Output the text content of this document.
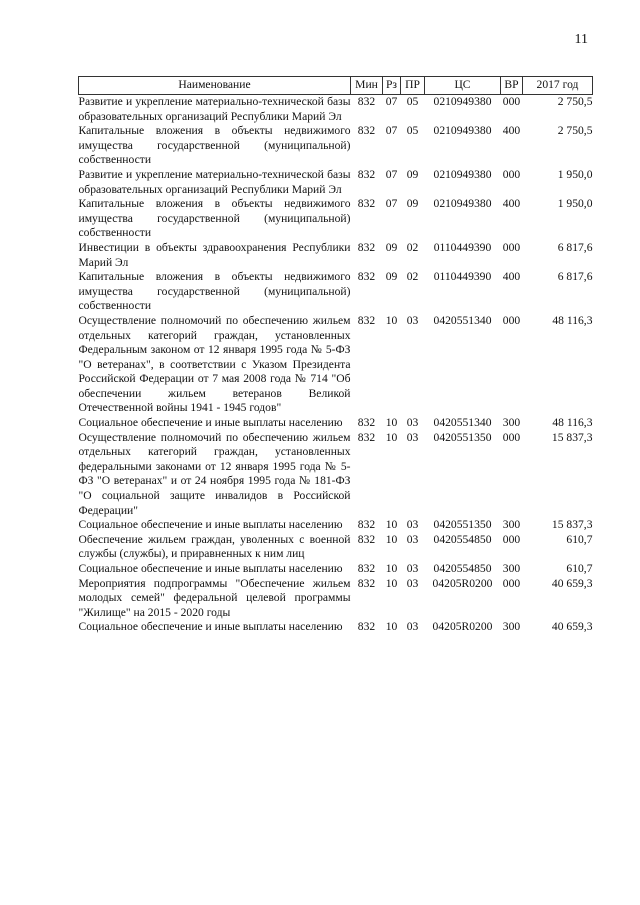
11
Наименование	Мин	Рз	ПР	ЦС	ВР	2017 год
Развитие и укрепление материально-технической базы образовательных организаций Республики Марий Эл	832	07	05	0210949380	000	2 750,5
Капитальные вложения в объекты недвижимого имущества государственной (муниципальной) собственности	832	07	05	0210949380	400	2 750,5
Развитие и укрепление материально-технической базы образовательных организаций Республики Марий Эл	832	07	09	0210949380	000	1 950,0
Капитальные вложения в объекты недвижимого имущества государственной (муниципальной) собственности	832	07	09	0210949380	400	1 950,0
Инвестиции в объекты здравоохранения Республики Марий Эл	832	09	02	0110449390	000	6 817,6
Капитальные вложения в объекты недвижимого имущества государственной (муниципальной) собственности	832	09	02	0110449390	400	6 817,6
Осуществление полномочий по обеспечению жильем отдельных категорий граждан, установленных Федеральным законом от 12 января 1995 года № 5-ФЗ "О ветеранах", в соответствии с Указом Президента Российской Федерации от 7 мая 2008 года № 714 "Об обеспечении жильем ветеранов Великой Отечественной войны 1941 - 1945 годов"	832	10	03	0420551340	000	48 116,3
Социальное обеспечение и иные выплаты населению	832	10	03	0420551340	300	48 116,3
Осуществление полномочий по обеспечению жильем отдельных категорий граждан, установленных федеральными законами от 12 января 1995 года № 5-ФЗ "О ветеранах" и от 24 ноября 1995 года № 181-ФЗ "О социальной защите инвалидов в Российской Федерации"	832	10	03	0420551350	000	15 837,3
Социальное обеспечение и иные выплаты населению	832	10	03	0420551350	300	15 837,3
Обеспечение жильем граждан, уволенных с военной службы (службы), и приравненных к ним лиц	832	10	03	0420554850	000	610,7
Социальное обеспечение и иные выплаты населению	832	10	03	0420554850	300	610,7
Мероприятия подпрограммы "Обеспечение жильем молодых семей" федеральной целевой программы "Жилище" на 2015 - 2020 годы	832	10	03	04205R0200	000	40 659,3
Социальное обеспечение и иные выплаты населению	832	10	03	04205R0200	300	40 659,3
